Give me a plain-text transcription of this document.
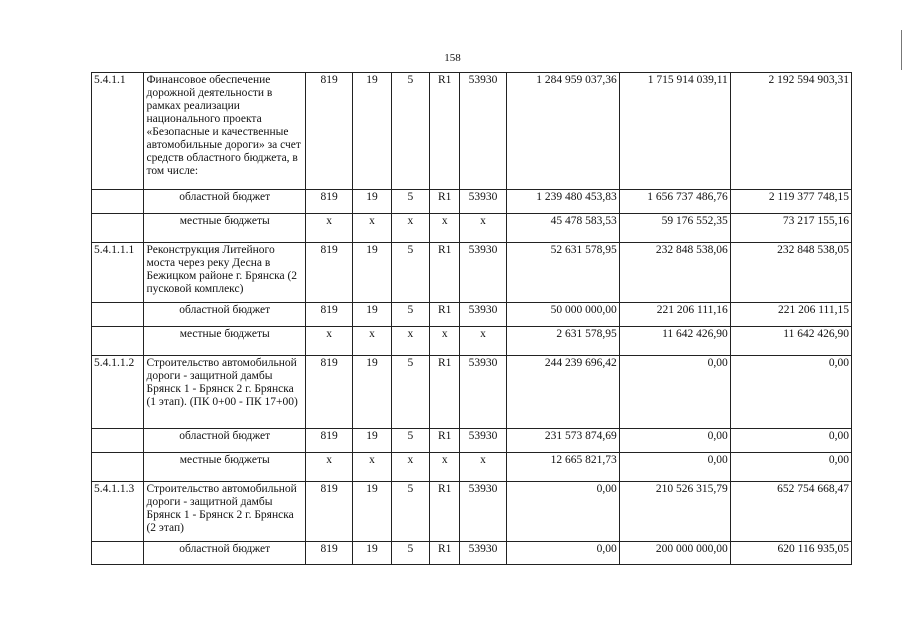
158
5.4.1.1	Финансовое обеспечение дорожной деятельности в рамках реализации национального проекта «Безопасные и качественные автомобильные дороги» за счет средств областного бюджета, в том числе:	819	19	5	R1	53930	1 284 959 037,36	1 715 914 039,11	2 192 594 903,31
	областной бюджет	819	19	5	R1	53930	1 239 480 453,83	1 656 737 486,76	2 119 377 748,15
	местные бюджеты	x	x	x	x	x	45 478 583,53	59 176 552,35	73 217 155,16
5.4.1.1.1	Реконструкция Литейного моста через реку Десна в Бежицком районе г. Брянска (2 пусковой комплекс)	819	19	5	R1	53930	52 631 578,95	232 848 538,06	232 848 538,05
	областной бюджет	819	19	5	R1	53930	50 000 000,00	221 206 111,16	221 206 111,15
	местные бюджеты	x	x	x	x	x	2 631 578,95	11 642 426,90	11 642 426,90
5.4.1.1.2	Строительство автомобильной дороги - защитной дамбы Брянск 1 - Брянск 2 г. Брянска (1 этап). (ПК 0+00 - ПК 17+00)	819	19	5	R1	53930	244 239 696,42	0,00	0,00
	областной бюджет	819	19	5	R1	53930	231 573 874,69	0,00	0,00
	местные бюджеты	x	x	x	x	x	12 665 821,73	0,00	0,00
5.4.1.1.3	Строительство автомобильной дороги - защитной дамбы Брянск 1 - Брянск 2 г. Брянска (2 этап)	819	19	5	R1	53930	0,00	210 526 315,79	652 754 668,47
	областной бюджет	819	19	5	R1	53930	0,00	200 000 000,00	620 116 935,05
